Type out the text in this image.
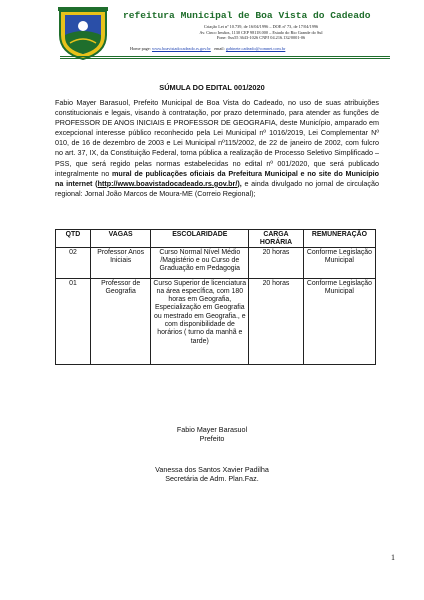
refeitura Municipal de Boa Vista do Cadeado
Criação Lei nº 10.739, de 16/04/1996 – DOE nº 73, de 17/04/1996
Av. Cinco Irmãos, 1130 CEP 98118.000 – Estado do Rio Grande do Sul
Fone: 0xx55 3643-1026 CNPJ 04.216.132/0001-06
Home page: www.boavistadocadeado.rs.gov.br email: gabinete.cadeado@comnet.com.br
SÚMULA DO EDITAL 001/2020
Fabio Mayer Barasuol, Prefeito Municipal de Boa Vista do Cadeado, no uso de suas atribuições constitucionais e legais, visando à contratação, por prazo determinado, para atender as funções de PROFESSOR DE ANOS INICIAIS E PROFESSOR DE GEOGRAFIA, deste Município, amparado em excepcional interesse público reconhecido pela Lei Municipal nº 1016/2019, Lei Complementar Nº 010, de 16 de dezembro de 2003 e Lei Municipal nº115/2002, de 22 de janeiro de 2002, com fulcro no art. 37, IX, da Constituição Federal, torna pública a realização de Processo Seletivo Simplificado – PSS, que será regido pelas normas estabelecidas no edital nº 001/2020, que será publicado integralmente no mural de publicações oficiais da Prefeitura Municipal e no site do Município na internet (http://www.boavistadocadeado.rs.gov.br/), e ainda divulgado no jornal de circulação regional: Jornal João Marcos de Moura-ME (Correio Regional);
QTD	VAGAS	ESCOLARIDADE	CARGA HORÁRIA	REMUNERAÇÃO
02	Professor Anos Iniciais	Curso Normal Nível Médio /Magistério e ou Curso de Graduação em Pedagogia	20 horas	Conforme Legislação Municipal
01	Professor de Geografia	Curso Superior de licenciatura na área específica, com 180 horas em Geografia, Especialização em Geografia ou mestrado em Geografia., e com disponibilidade de horários ( turno da manhã e tarde)	20 horas	Conforme Legislação Municipal
Fabio Mayer Barasuol
Prefeito
Vanessa dos Santos Xavier Padilha
Secretária de Adm. Plan.Faz.
1
